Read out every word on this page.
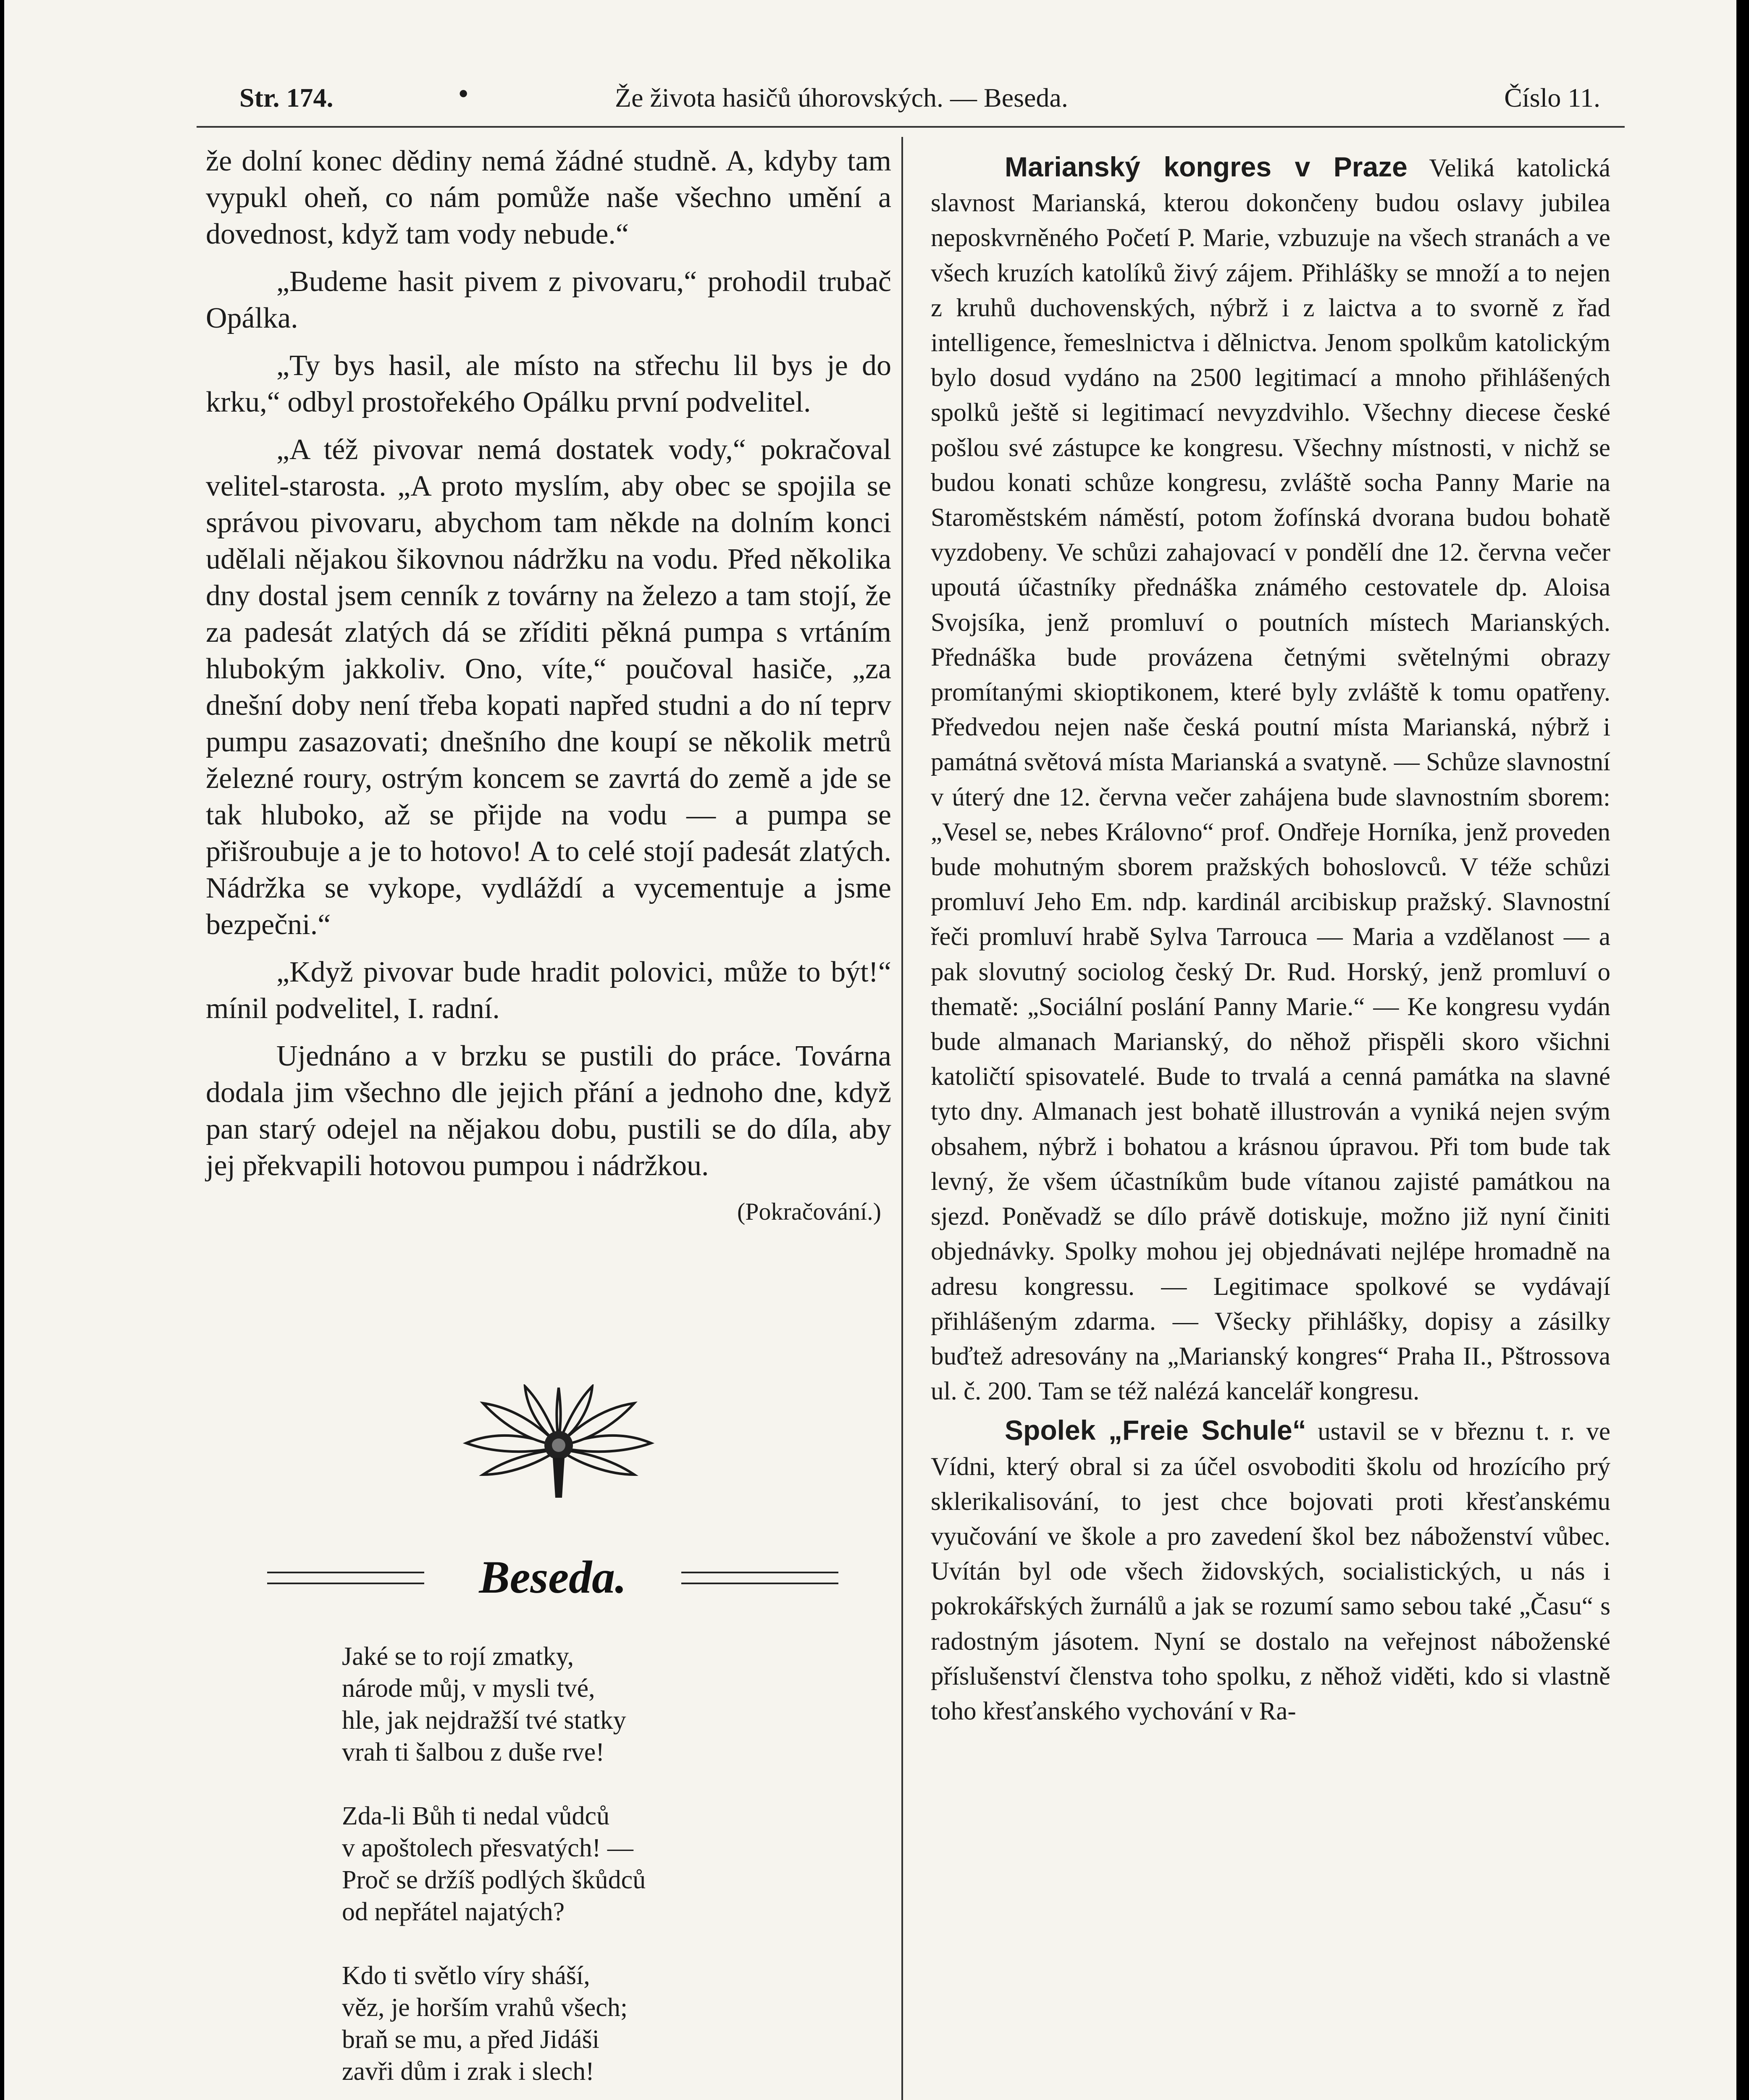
Str. 174.	•	Že života hasičů úhorovských. — Beseda.	Číslo 11.

že dolní konec dědiny nemá žádné studně. A, kdyby tam vypukl oheň, co nám pomůže naše všechno umění a dovednost, když tam vody nebude.“

„Budeme hasit pivem z pivovaru,“ prohodil trubač Opálka.

„Ty bys hasil, ale místo na střechu lil bys je do krku,“ odbyl prostořekého Opálku první podvelitel.

„A též pivovar nemá dostatek vody,“ pokračoval velitel-starosta. „A proto myslím, aby obec se spojila se správou pivovaru, abychom tam někde na dolním konci udělali nějakou šikovnou nádržku na vodu. Před několika dny dostal jsem cenník z továrny na železo a tam stojí, že za padesát zlatých dá se zříditi pěkná pumpa s vrtáním hlubokým jakkoliv. Ono, víte,“ poučoval hasiče, „za dnešní doby není třeba kopati napřed studni a do ní teprv pumpu zasazovati; dnešního dne koupí se několik metrů železné roury, ostrým koncem se zavrtá do země a jde se tak hluboko, až se přijde na vodu — a pumpa se přišroubuje a je to hotovo! A to celé stojí padesát zlatých. Nádržka se vykope, vydláždí a vycementuje a jsme bezpečni.“

„Když pivovar bude hradit polovici, může to být!“ mínil podvelitel, I. radní.

Ujednáno a v brzku se pustili do práce. Továrna dodala jim všechno dle jejich přání a jednoho dne, když pan starý odejel na nějakou dobu, pustili se do díla, aby jej překvapili hotovou pumpou i nádržkou.

(Pokračování.)
Beseda.
Jaké se to rojí zmatky,
národe můj, v mysli tvé,
hle, jak nejdražší tvé statky
vrah ti šalbou z duše rve!
Zda-li Bůh ti nedal vůdců
v apoštolech přesvatých! —
Proč se držíš podlých škůdců
od nepřátel najatých?
Kdo ti světlo víry sháší,
věz, je horším vrahů všech;
braň se mu, a před Jidáši
zavři dům i zrak i slech!

Marianský kongres v Praze Veliká katolická slavnost Marianská, kterou dokončeny budou oslavy jubilea neposkvrněného Početí P. Marie, vzbuzuje na všech stranách a ve všech kruzích katolíků živý zájem. Přihlášky se množí a to nejen z kruhů duchovenských, nýbrž i z laictva a to svorně z řad intelligence, řemeslnictva i dělnictva. Jenom spolkům katolickým bylo dosud vydáno na 2500 legitimací a mnoho přihlášených spolků ještě si legitimací nevyzdvihlo. Všechny diecese české pošlou své zástupce ke kongresu. Všechny místnosti, v nichž se budou konati schůze kongresu, zvláště socha Panny Marie na Staroměstském náměstí, potom žofínská dvorana budou bohatě vyzdobeny. Ve schůzi zahajovací v pondělí dne 12. června večer upoutá účastníky přednáška známého cestovatele dp. Aloisa Svojsíka, jenž promluví o poutních místech Marianských. Přednáška bude provázena četnými světelnými obrazy promítanými skioptikonem, které byly zvláště k tomu opatřeny. Předvedou nejen naše česká poutní místa Marianská, nýbrž i památná světová místa Marianská a svatyně. — Schůze slavnostní v úterý dne 12. června večer zahájena bude slavnostním sborem: „Vesel se, nebes Královno“ prof. Ondřeje Horníka, jenž proveden bude mohutným sborem pražských bohoslovců. V téže schůzi promluví Jeho Em. ndp. kardinál arcibiskup pražský. Slavnostní řeči promluví hrabě Sylva Tarrouca — Maria a vzdělanost — a pak slovutný sociolog český Dr. Rud. Horský, jenž promluví o thematě: „Sociální poslání Panny Marie.“ — Ke kongresu vydán bude almanach Marianský, do něhož přispěli skoro všichni katoličtí spisovatelé. Bude to trvalá a cenná památka na slavné tyto dny. Almanach jest bohatě illustrován a vyniká nejen svým obsahem, nýbrž i bohatou a krásnou úpravou. Při tom bude tak levný, že všem účastníkům bude vítanou zajisté památkou na sjezd. Poněvadž se dílo právě dotiskuje, možno již nyní činiti objednávky. Spolky mohou jej objednávati nejlépe hromadně na adresu kongressu. — Legitimace spolkové se vydávají přihlášeným zdarma. — Všecky přihlášky, dopisy a zásilky buďtež adresovány na „Marianský kongres“ Praha II., Pštrossova ul. č. 200. Tam se též nalézá kancelář kongresu.

Spolek „Freie Schule“ ustavil se v březnu t. r. ve Vídni, který obral si za účel osvoboditi školu od hrozícího prý sklerikalisování, to jest chce bojovati proti křesťanskému vyučování ve škole a pro zavedení škol bez náboženství vůbec. Uvítán byl ode všech židovských, socialistických, u nás i pokrokářských žurnálů a jak se rozumí samo sebou také „Času“ s radostným jásotem. Nyní se dostalo na veřejnost náboženské příslušenství členstva toho spolku, z něhož viděti, kdo si vlastně toho křesťanského vychování v Ra-
